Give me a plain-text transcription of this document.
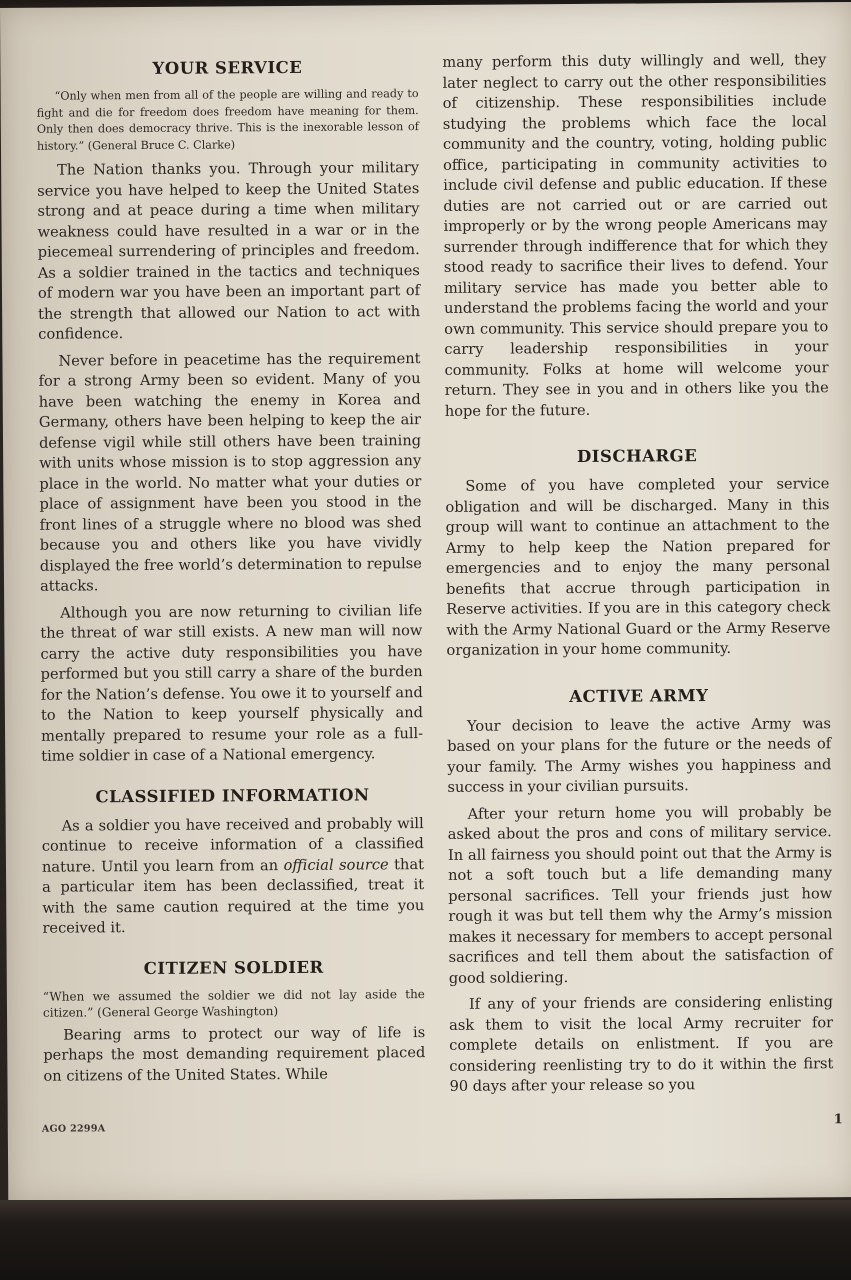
YOUR SERVICE
“Only when men from all of the people are willing and ready to fight and die for freedom does freedom have meaning for them. Only then does democracy thrive. This is the inexorable lesson of history.” (General Bruce C. Clarke)

The Nation thanks you. Through your military service you have helped to keep the United States strong and at peace during a time when military weakness could have resulted in a war or in the piecemeal surrendering of principles and freedom. As a soldier trained in the tactics and techniques of modern war you have been an important part of the strength that allowed our Nation to act with confidence.

Never before in peacetime has the requirement for a strong Army been so evident. Many of you have been watching the enemy in Korea and Germany, others have been helping to keep the air defense vigil while still others have been training with units whose mission is to stop aggression any place in the world. No matter what your duties or place of assignment have been you stood in the front lines of a struggle where no blood was shed because you and others like you have vividly displayed the free world’s determination to repulse attacks.

Although you are now returning to civilian life the threat of war still exists. A new man will now carry the active duty responsibilities you have performed but you still carry a share of the burden for the Nation’s defense. You owe it to yourself and to the Nation to keep yourself physically and mentally prepared to resume your role as a full-time soldier in case of a National emergency.

CLASSIFIED INFORMATION

As a soldier you have received and probably will continue to receive information of a classified nature. Until you learn from an official source that a particular item has been declassified, treat it with the same caution required at the time you received it.

CITIZEN SOLDIER
“When we assumed the soldier we did not lay aside the citizen.” (General George Washington)

Bearing arms to protect our way of life is perhaps the most demanding requirement placed on citizens of the United States. While

many perform this duty willingly and well, they later neglect to carry out the other responsibilities of citizenship. These responsibilities include studying the problems which face the local community and the country, voting, holding public office, participating in community activities to include civil defense and public education. If these duties are not carried out or are carried out improperly or by the wrong people Americans may surrender through indifference that for which they stood ready to sacrifice their lives to defend. Your military service has made you better able to understand the problems facing the world and your own community. This service should prepare you to carry leadership responsibilities in your community. Folks at home will welcome your return. They see in you and in others like you the hope for the future.

DISCHARGE

Some of you have completed your service obligation and will be discharged. Many in this group will want to continue an attachment to the Army to help keep the Nation prepared for emergencies and to enjoy the many personal benefits that accrue through participation in Reserve activities. If you are in this category check with the Army National Guard or the Army Reserve organization in your home community.

ACTIVE ARMY

Your decision to leave the active Army was based on your plans for the future or the needs of your family. The Army wishes you happiness and success in your civilian pursuits.

After your return home you will probably be asked about the pros and cons of military service. In all fairness you should point out that the Army is not a soft touch but a life demanding many personal sacrifices. Tell your friends just how rough it was but tell them why the Army’s mission makes it necessary for members to accept personal sacrifices and tell them about the satisfaction of good soldiering.

If any of your friends are considering enlisting ask them to visit the local Army recruiter for complete details on enlistment. If you are considering reenlisting try to do it within the first 90 days after your release so you

AGO 2299A
1
